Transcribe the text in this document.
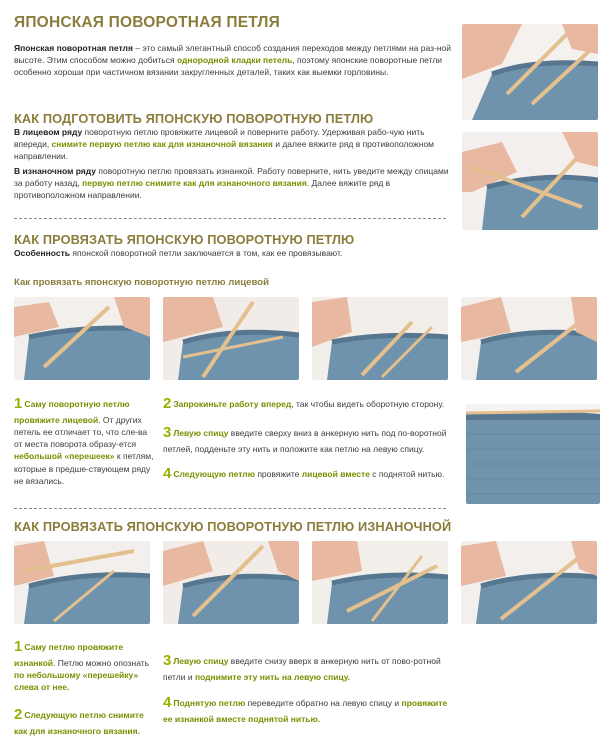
ЯПОНСКАЯ ПОВОРОТНАЯ ПЕТЛЯ
Японская поворотная петля – это самый элегантный способ создания переходов между петлями на раз-ной высоте. Этим способом можно добиться однородной кладки петель, поэтому японские поворотные петли особенно хороши при частичном вязании закругленных деталей, таких как выемки горловины.
КАК ПОДГОТОВИТЬ ЯПОНСКУЮ ПОВОРОТНУЮ ПЕТЛЮ
В лицевом ряду поворотную петлю провяжите лицевой и поверните работу. Удерживая рабо-чую нить впереди, снимите первую петлю как для изнаночной вязания и далее вяжите ряд в противоположном направлении.
В изнаночном ряду поворотную петлю провязать изнанкой. Работу поверните, нить уведите между спицами за работу назад, первую петлю снимите как для изнаночного вязания. Далее вяжите ряд в противоположном направлении.
КАК ПРОВЯЗАТЬ ЯПОНСКУЮ ПОВОРОТНУЮ ПЕТЛЮ
Особенность японской поворотной петли заключается в том, как ее провязывают.
Как провязать японскую поворотную петлю лицевой
1 Саму поворотную петлю провяжите лицевой. От других петель ее отличает то, что сле-ва от места поворота образу-ется небольшой «перешеек» к петлям, которые в предше-ствующем ряду не вязались.
2 Запрокиньте работу вперед, так чтобы видеть оборотную сторону.
3 Левую спицу введите сверху вниз в анкерную нить под по-воротной петлей, подденьте эту нить и положите как петлю на левую спицу.
4 Следующую петлю провяжите лицевой вместе с поднятой нитью.
КАК ПРОВЯЗАТЬ ЯПОНСКУЮ ПОВОРОТНУЮ ПЕТЛЮ ИЗНАНОЧНОЙ
1 Саму петлю провяжите изнанкой. Петлю можно опознать по небольшому «перешейку» слева от нее.
2 Следующую петлю снимите как для изнаночного вязания.
3 Левую спицу введите снизу вверх в анкерную нить от пово-ротной петли и поднимите эту нить на левую спицу.
4 Поднятую петлю переведите обратно на левую спицу и провяжите ее изнанкой вместе поднятой нитью.
